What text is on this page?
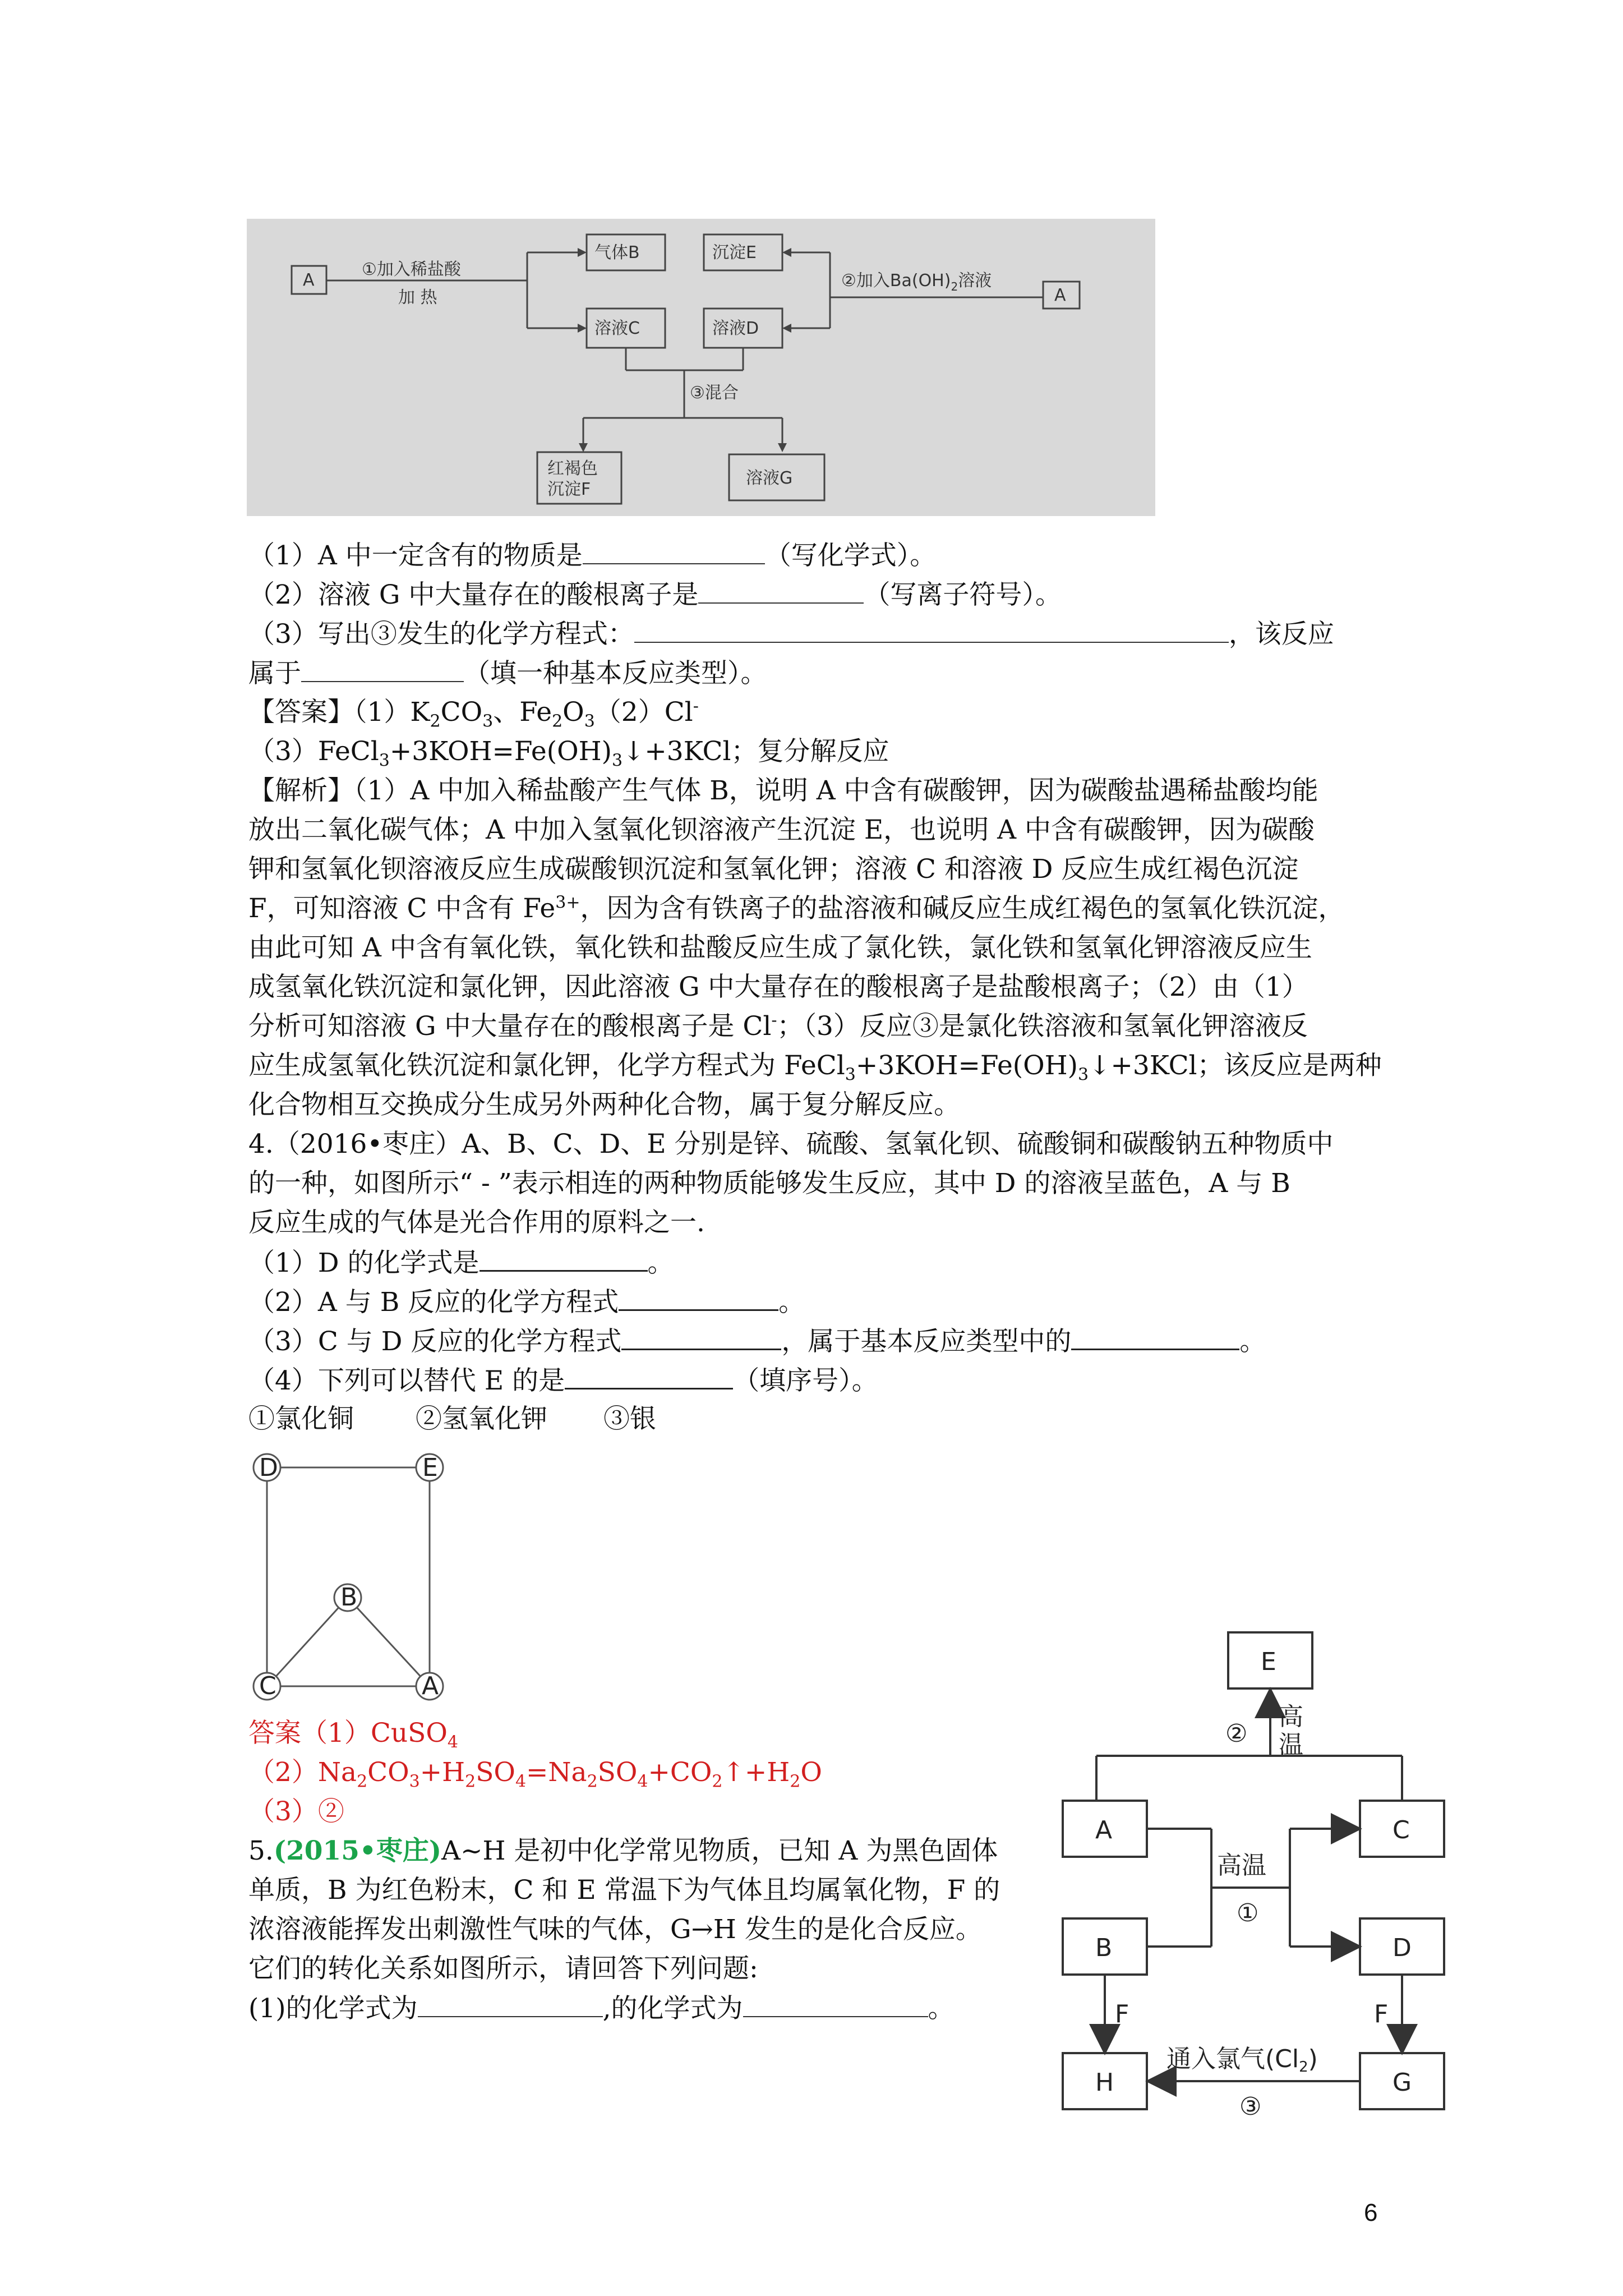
A
①加入稀盐酸
加 热
气体B
溶液C
沉淀E
溶液D
②加入$Ba(OH)_2$溶液
A
③混合
红褐色
沉淀F
溶液G
（1）A 中一定含有的物质是	（写化学式）。
（2）溶液 G 中大量存在的酸根离子是	（写离子符号）。
（3）写出③发生的化学方程式：	，该反应
属于	（填一种基本反应类型）。
【答案】$(1)K_2CO_3$、$Fe_2O_3(2)Cl^-$
$(3)FeCl_3+3KOH=Fe(OH)_3↓+3KCl$；复分解反应
【解析】（1）A 中加入稀盐酸产生气体 B，说明 A 中含有碳酸钾，因为碳酸盐遇稀盐酸均能
放出二氧化碳气体；A 中加入氢氧化钡溶液产生沉淀 E，也说明 A 中含有碳酸钾，因为碳酸
钾和氢氧化钡溶液反应生成碳酸钡沉淀和氢氧化钾；溶液 C 和溶液 D 反应生成红褐色沉淀
F，可知溶液 C 中含有 $Fe^{3+}$，因为含有铁离子的盐溶液和碱反应生成红褐色的氢氧化铁沉淀，
由此可知 A 中含有氧化铁，氧化铁和盐酸反应生成了氯化铁，氯化铁和氢氧化钾溶液反应生
成氢氧化铁沉淀和氯化钾，因此溶液 G 中大量存在的酸根离子是盐酸根离子；（2）由（1）
分析可知溶液 G 中大量存在的酸根离子是 Cl-；（3）反应③是氯化铁溶液和氢氧化钾溶液反
应生成氢氧化铁沉淀和氯化钾，化学方程式为 $FeCl_3+3KOH=Fe(OH)_3↓+3KCl$；该反应是两种
化合物相互交换成分生成另外两种化合物，属于复分解反应。
4.（2016•枣庄）A、B、C、D、E 分别是锌、硫酸、氢氧化钡、硫酸铜和碳酸钠五种物质中
的一种，如图所示“ - ”表示相连的两种物质能够发生反应，其中 D 的溶液呈蓝色，A 与 B
反应生成的气体是光合作用的原料之一.
（1）D 的化学式是	。
（2）A 与 B 反应的化学方程式	。
（3）C 与 D 反应的化学方程式	，属于基本反应类型中的	。
（4）下列可以替代 E 的是	（填序号）。
①氯化铜 ②氢氧化钾 ③银
D	E
B
C	A
答案（1）CuSO$_4$
$(2)Na_2CO_3+H_2SO_4=Na_2SO_4+CO_2↑+H_2O$
（3）②
5.(2015•枣庄)A~H 是初中化学常见物质，已知 A 为黑色固体
单质，B 为红色粉末，C 和 E 常温下为气体且均属氧化物，F 的
浓溶液能挥发出刺激性气味的气体，G→H 发生的是化合反应。
它们的转化关系如图所示，请回答下列问题:
(1)的化学式为	,的化学式为	。
E
高
温
②
A	C
B	D
高温
①
F	F
H	G
通入氯气(Cl2)
③
6
